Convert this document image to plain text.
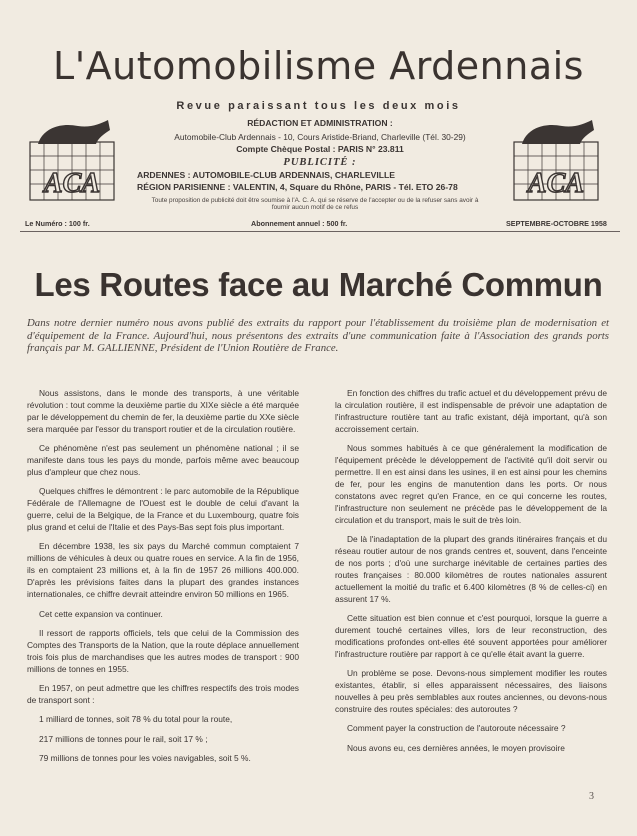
L'Automobilisme Ardennais
Revue paraissant tous les deux mois
RÉDACTION ET ADMINISTRATION :
Automobile-Club Ardennais - 10, Cours Aristide-Briand, Charleville (Tél. 30-29)
Compte Chèque Postal : PARIS N° 23.811
PUBLICITÉ :
ARDENNES : AUTOMOBILE-CLUB ARDENNAIS, CHARLEVILLE
RÉGION PARISIENNE : VALENTIN, 4, Square du Rhône, PARIS - Tél. ETO 26-78
Toute proposition de publicité doit être soumise à l'A. C. A. qui se réserve de l'accepter ou de la refuser sans avoir à fournir aucun motif de ce refus
ACA	ACA
Le Numéro : 100 fr.	Abonnement annuel : 500 fr.	SEPTEMBRE-OCTOBRE 1958
Les Routes face au Marché Commun
Dans notre dernier numéro nous avons publié des extraits du rapport pour l'établissement du troisième plan de modernisation et d'équipement de la France. Aujourd'hui, nous présentons des extraits d'une communication faite à l'Association des grands ports français par M. GALLIENNE, Président de l'Union Routière de France.

Nous assistons, dans le monde des transports, à une véritable révolution : tout comme la deuxième partie du XIXe siècle a été marquée par le développement du chemin de fer, la deuxième partie du XXe siècle sera marquée par l'essor du transport routier et de la circulation routière.

Ce phénomène n'est pas seulement un phénomène national ; il se manifeste dans tous les pays du monde, parfois même avec beaucoup plus d'ampleur que chez nous.

Quelques chiffres le démontrent : le parc automobile de la République Fédérale de l'Allemagne de l'Ouest est le double de celui d'avant la guerre, celui de la Belgique, de la France et du Luxembourg, quatre fois plus grand et celui de l'Italie et des Pays-Bas sept fois plus important.

En décembre 1938, les six pays du Marché commun comptaient 7 millions de véhicules à deux ou quatre roues en service. A la fin de 1956, ils en comptaient 23 millions et, à la fin de 1957 26 millions 400.000. D'après les prévisions faites dans la plupart des grandes instances internationales, ce chiffre devrait atteindre environ 50 millions en 1965.

Cet cette expansion va continuer.

Il ressort de rapports officiels, tels que celui de la Commission des Comptes des Transports de la Nation, que la route déplace annuellement trois fois plus de marchandises que les autres modes de transport : 900 millions de tonnes en 1955.

En 1957, on peut admettre que les chiffres respectifs des trois modes de transport sont :

1 milliard de tonnes, soit 78 % du total pour la route,

217 millions de tonnes pour le rail, soit 17 % ;

79 millions de tonnes pour les voies navigables, soit 5 %.

En fonction des chiffres du trafic actuel et du développement prévu de la circulation routière, il est indispensable de prévoir une adaptation de l'infrastructure routière tant au trafic existant, déjà important, qu'à son accroissement certain.

Nous sommes habitués à ce que généralement la modification de l'équipement précède le développement de l'activité qu'il doit servir ou permettre. Il en est ainsi dans les usines, il en est ainsi pour les chemins de fer, pour les engins de manutention dans les ports. Or nous constatons avec regret qu'en France, en ce qui concerne les routes, l'infrastructure non seulement ne précède pas le développement de la circulation et du transport, mais le suit de très loin.

De là l'inadaptation de la plupart des grands itinéraires français et du réseau routier autour de nos grands centres et, souvent, dans l'enceinte de nos ports ; d'où une surcharge inévitable de certaines parties des routes françaises : 80.000 kilomètres de routes nationales assurent actuellement la moitié du trafic et 6.400 kilomètres (8 % de celles-ci) en assurent 17 %.

Cette situation est bien connue et c'est pourquoi, lorsque la guerre a durement touché certaines villes, lors de leur reconstruction, des modifications profondes ont-elles été souvent apportées pour améliorer l'infrastructure routière par rapport à ce qu'elle était avant la guerre.

Un problème se pose. Devons-nous simplement modifier les routes existantes, établir, si elles apparaissent nécessaires, des liaisons nouvelles à peu près semblables aux routes anciennes, ou devons-nous construire des routes spéciales: des autoroutes ?

Comment payer la construction de l'autoroute nécessaire ?

Nous avons eu, ces dernières années, le moyen provisoire

3
